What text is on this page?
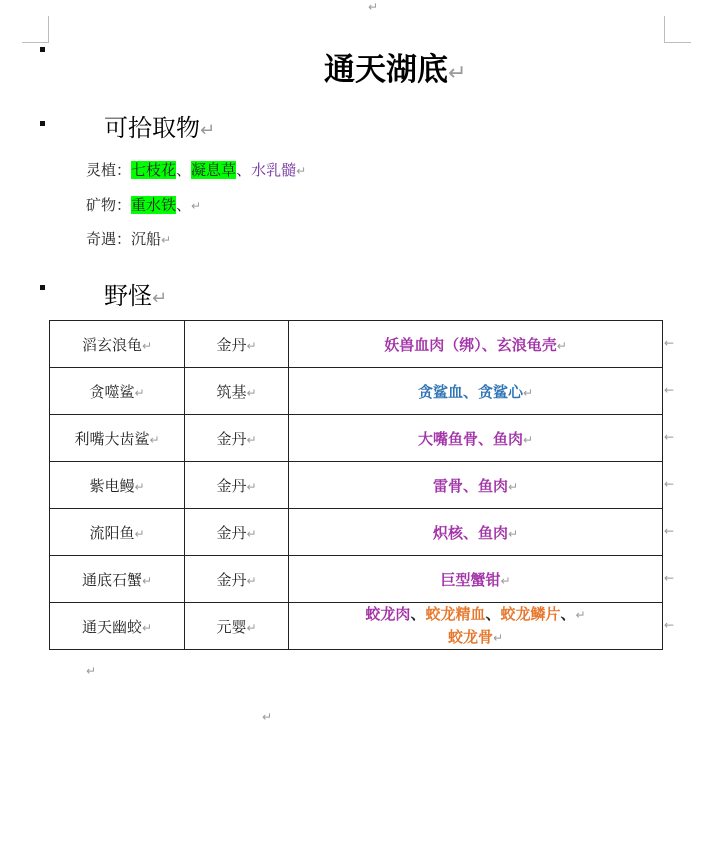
↵
通天湖底↵
可拾取物↵
灵植：七枝花、凝息草、水乳髓↵
矿物：重水铁、↵
奇遇：沉船↵
野怪↵
滔玄浪龟↵	金丹↵	妖兽血肉（绑）、玄浪龟壳↵
贪噬鲨↵	筑基↵	贪鲨血、贪鲨心↵
利嘴大齿鲨↵	金丹↵	大嘴鱼骨、鱼肉↵
紫电鳗↵	金丹↵	雷骨、鱼肉↵
流阳鱼↵	金丹↵	炽核、鱼肉↵
通底石蟹↵	金丹↵	巨型蟹钳↵
通天幽蛟↵	元婴↵	蛟龙肉、蛟龙精血、蛟龙鳞片、↵
蛟龙骨↵
←
←
←
←
←
←
←
↵
↵
